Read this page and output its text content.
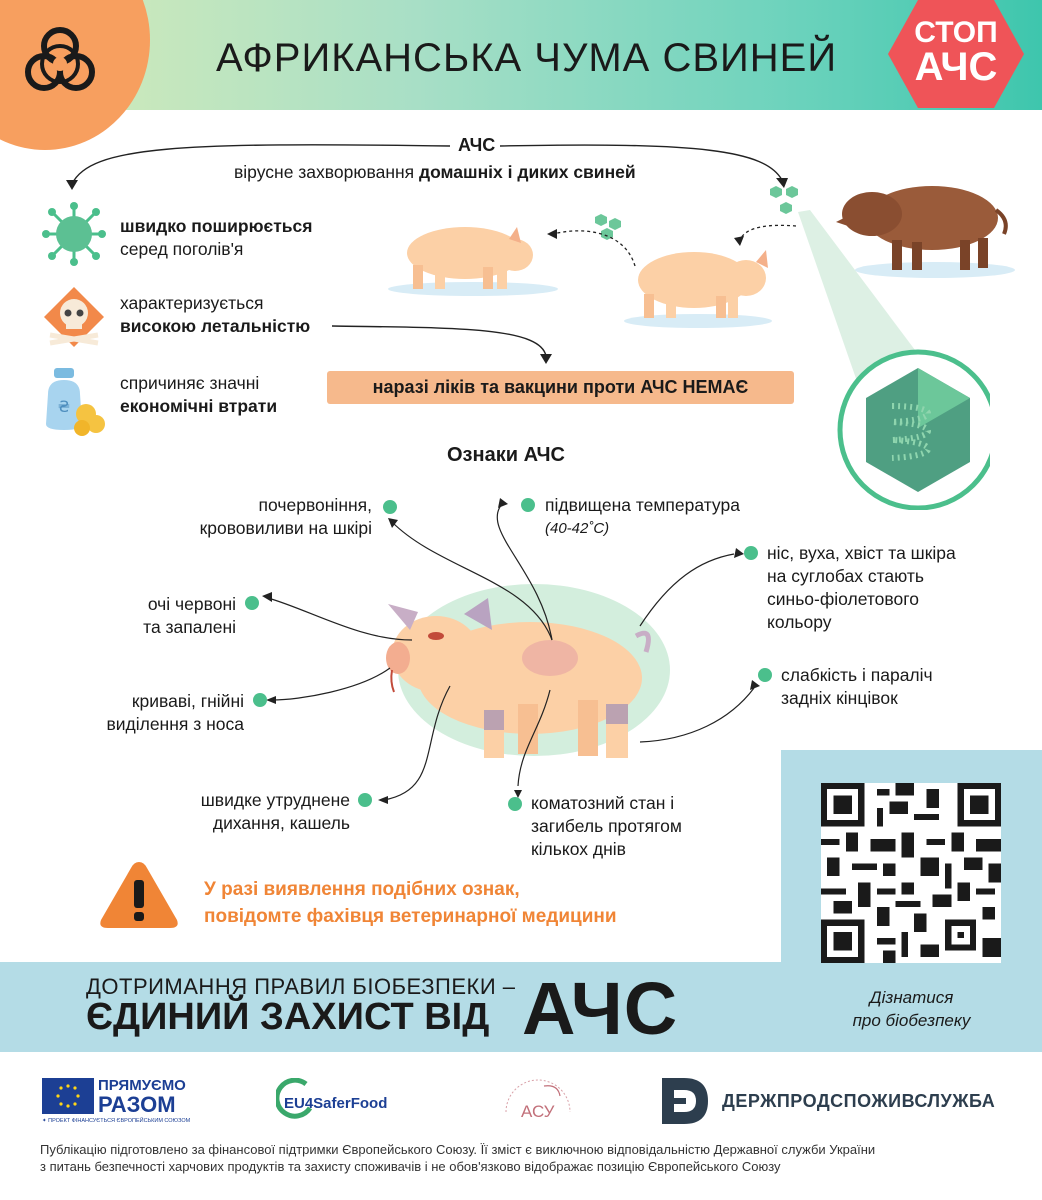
АФРИКАНСЬКА ЧУМА СВИНЕЙ
СТОП
АЧС
АЧС
вірусне захворювання домашніх і диких свиней
швидко поширюється
серед поголів'я
характеризується
високою летальністю
₴
спричиняє значні
економічні втрати
наразі ліків та вакцини проти АЧС НЕМАЄ
Ознаки АЧС
почервоніння,
крововиливи на шкірі
підвищена температура
(40-42˚C)
очі червоні
та запалені
ніс, вуха, хвіст та шкіра
на суглобах стають
синьо-фіолетового
кольору
криваві, гнійні
виділення з носа
слабкість і параліч
задніх кінцівок
швидке утруднене
дихання, кашель
коматозний стан і
загибель протягом
кількох днів
У разі виявлення подібних ознак,
повідомте фахівця ветеринарної медицини
ДОТРИМАННЯ ПРАВИЛ БІОБЕЗПЕКИ –
ЄДИНИЙ ЗАХИСТ ВІД АЧС	Дізнатися
про біобезпеку
ПРЯМУЄМО
РАЗОМ
✦ ПРОЕКТ ФІНАНСУЄТЬСЯ ЄВРОПЕЙСЬКИМ СОЮЗОМ
EU4SaferFood	АСУ
ДЕРЖПРОДСПОЖИВСЛУЖБА
Публікацію підготовлено за фінансової підтримки Європейського Союзу. Її зміст є виключною відповідальністю Державної служби України
з питань безпечності харчових продуктів та захисту споживачів і не обов'язково відображає позицію Європейського Союзу
